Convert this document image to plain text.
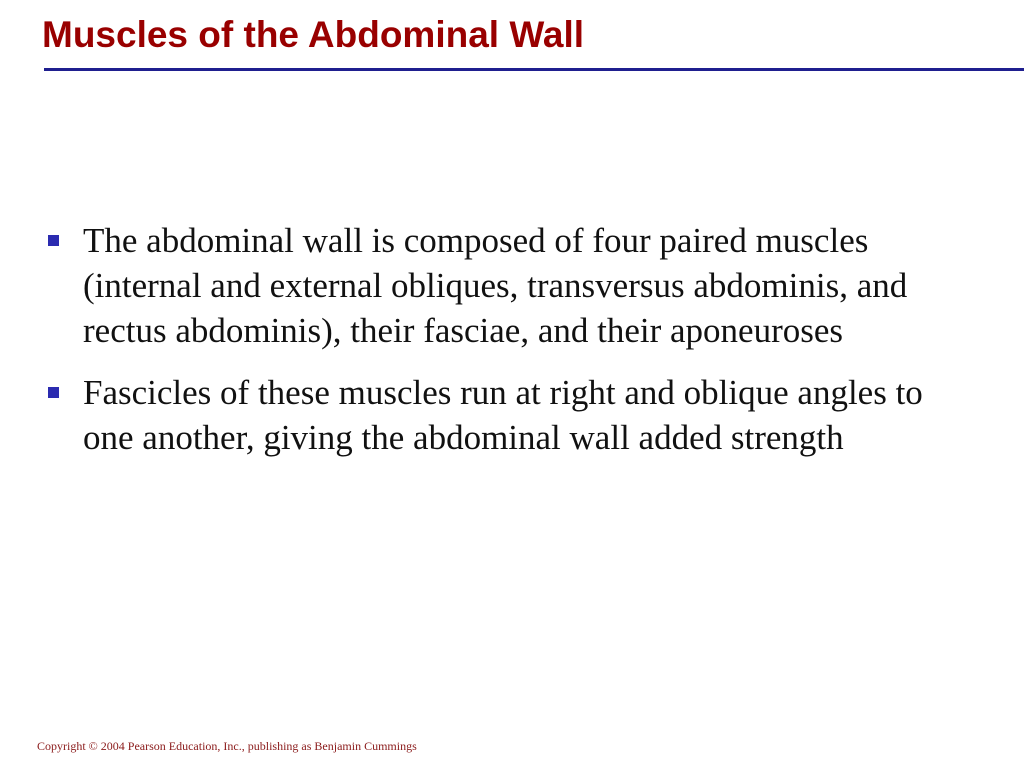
Muscles of the Abdominal Wall
The abdominal wall is composed of four paired muscles (internal and external obliques, transversus abdominis, and rectus abdominis), their fasciae, and their aponeuroses
Fascicles of these muscles run at right and oblique angles to one another, giving the abdominal wall added strength
Copyright © 2004 Pearson Education, Inc., publishing as Benjamin Cummings
